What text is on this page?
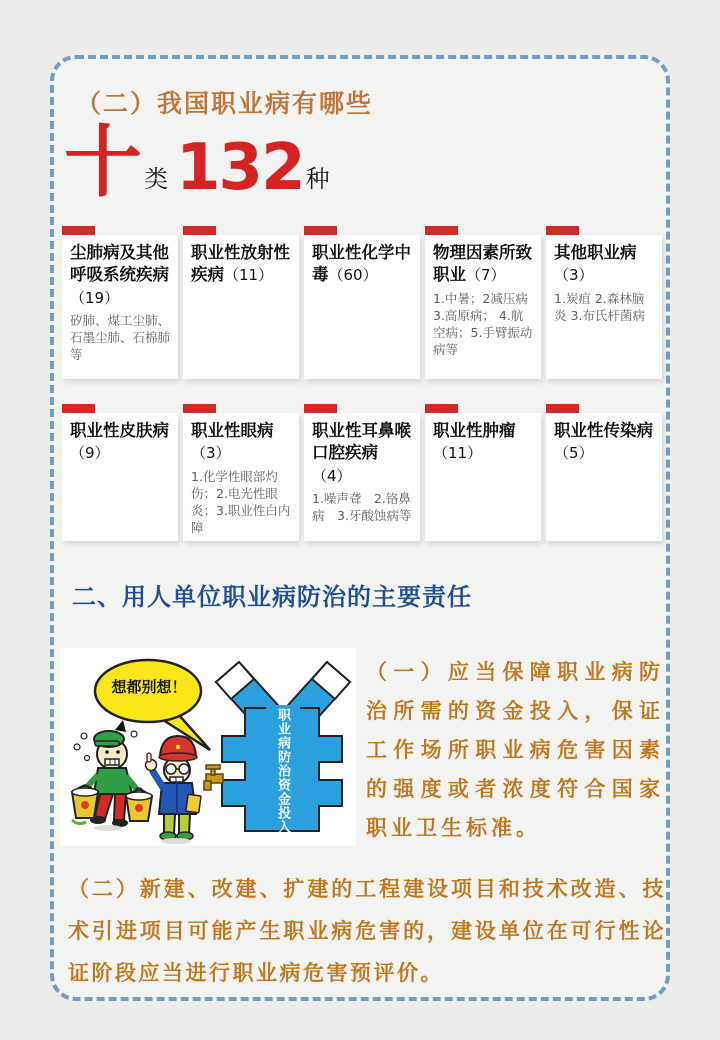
（二）我国职业病有哪些
十 类 132 种
尘肺病及其他呼吸系统疾病（19）
矽肺、煤工尘肺、石墨尘肺、石棉肺等
职业性放射性疾病（11）
职业性化学中毒（60）
物理因素所致职业（7）
1.中暑；2减压病 3.高原病； 4.航空病；5.手臂振动病等
其他职业病（3）
1.炭疽 2.森林脑炎 3.布氏杆菌病
职业性皮肤病（9）
职业性眼病（3）
1.化学性眼部灼伤；2.电光性眼炎；3.职业性白内障
职业性耳鼻喉口腔疾病（4）
1.噪声聋　2.铬鼻病　3.牙酸蚀病等
职业性肿瘤（11）
职业性传染病（5）
二、用人单位职业病防治的主要责任
想都别想！
职业病防治资金投入
（一）应当保障职业病防治所需的资金投入，保证工作场所职业病危害因素的强度或者浓度符合国家职业卫生标准。
（二）新建、改建、扩建的工程建设项目和技术改造、技术引进项目可能产生职业病危害的，建设单位在可行性论证阶段应当进行职业病危害预评价。
